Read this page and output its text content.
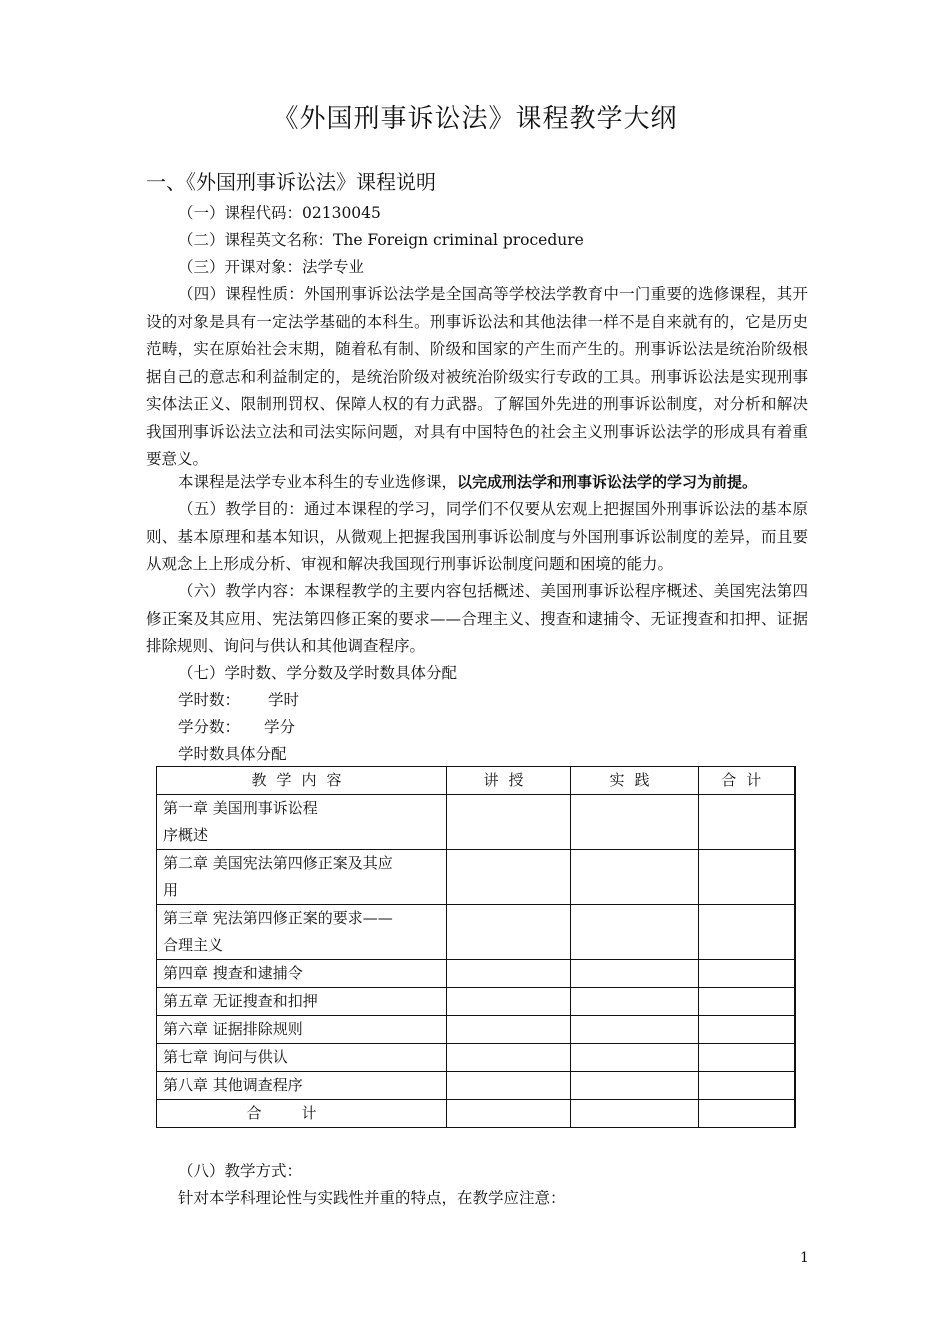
《外国刑事诉讼法》课程教学大纲
一、《外国刑事诉讼法》课程说明
（一）课程代码：02130045
（二）课程英文名称：The Foreign criminal procedure
（三）开课对象：法学专业
（四）课程性质：外国刑事诉讼法学是全国高等学校法学教育中一门重要的选修课程，其开设的对象是具有一定法学基础的本科生。刑事诉讼法和其他法律一样不是自来就有的，它是历史范畴，实在原始社会末期，随着私有制、阶级和国家的产生而产生的。刑事诉讼法是统治阶级根据自己的意志和利益制定的，是统治阶级对被统治阶级实行专政的工具。刑事诉讼法是实现刑事实体法正义、限制刑罚权、保障人权的有力武器。了解国外先进的刑事诉讼制度，对分析和解决我国刑事诉讼法立法和司法实际问题，对具有中国特色的社会主义刑事诉讼法学的形成具有着重要意义。
本课程是法学专业本科生的专业选修课，以完成刑法学和刑事诉讼法学的学习为前提。
（五）教学目的：通过本课程的学习，同学们不仅要从宏观上把握国外刑事诉讼法的基本原则、基本原理和基本知识，从微观上把握我国刑事诉讼制度与外国刑事诉讼制度的差异，而且要从观念上上形成分析、审视和解决我国现行刑事诉讼制度问题和困境的能力。
（六）教学内容：本课程教学的主要内容包括概述、美国刑事诉讼程序概述、美国宪法第四修正案及其应用、宪法第四修正案的要求——合理主义、搜查和逮捕令、无证搜查和扣押、证据排除规则、询问与供认和其他调查程序。
（七）学时数、学分数及学时数具体分配
学时数： 学时
学分数： 学分
学时数具体分配
教学内容	讲授	实践	合计

第一章 美国刑事诉讼程
序概述			

第二章 美国宪法第四修正案及其应
用			

第三章 宪法第四修正案的要求——
合理主义			

第四章 搜查和逮捕令			
第五章 无证搜查和扣押			
第六章 证据排除规则			
第七章 询问与供认			
第八章 其他调查程序			
合计			
（八）教学方式：
针对本学科理论性与实践性并重的特点，在教学应注意：
1
